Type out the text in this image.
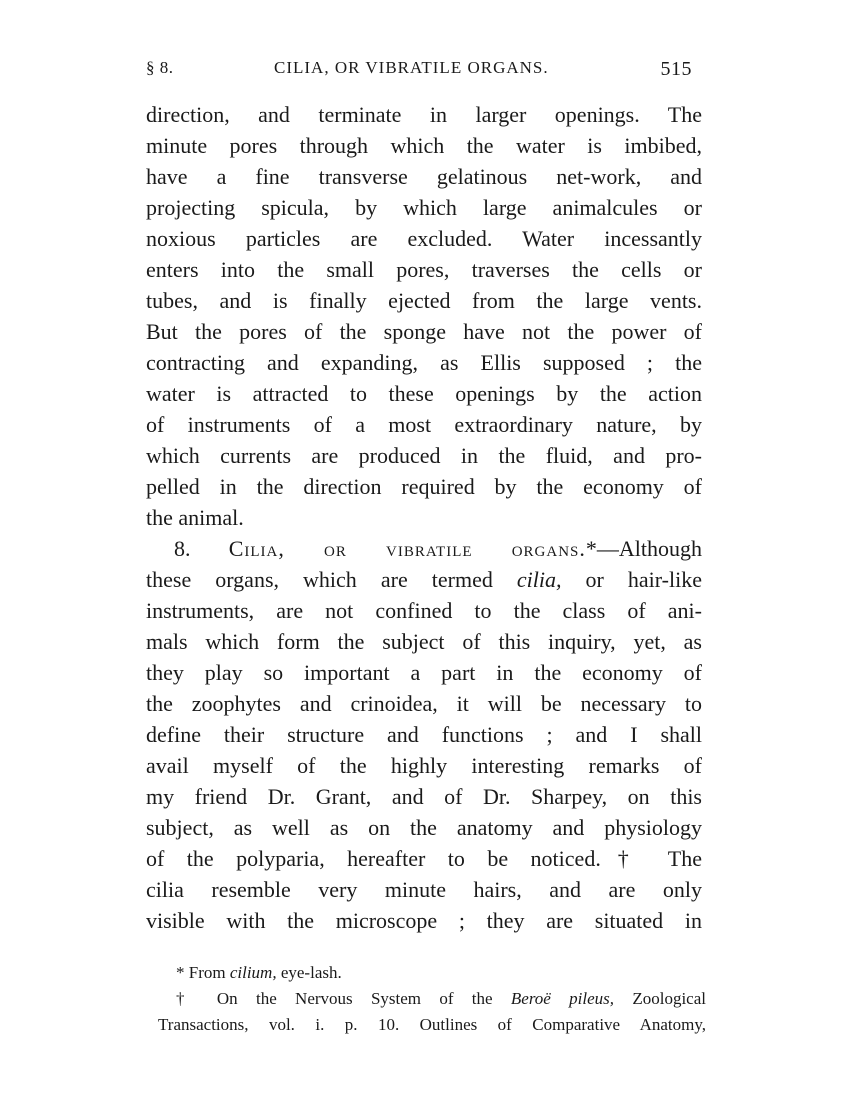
§ 8.	CILIA, OR VIBRATILE ORGANS.	515
direction, and terminate in larger openings. The
minute pores through which the water is imbibed,
have a fine transverse gelatinous net-work, and
projecting spicula, by which large animalcules or
noxious particles are excluded. Water incessantly
enters into the small pores, traverses the cells or
tubes, and is finally ejected from the large vents.
But the pores of the sponge have not the power of
contracting and expanding, as Ellis supposed ; the
water is attracted to these openings by the action
of instruments of a most extraordinary nature, by
which currents are produced in the fluid, and pro-
pelled in the direction required by the economy of
the animal.
8. Cilia, or vibratile organs.*—Although
these organs, which are termed cilia, or hair-like
instruments, are not confined to the class of ani-
mals which form the subject of this inquiry, yet, as
they play so important a part in the economy of
the zoophytes and crinoidea, it will be necessary to
define their structure and functions ; and I shall
avail myself of the highly interesting remarks of
my friend Dr. Grant, and of Dr. Sharpey, on this
subject, as well as on the anatomy and physiology
of the polyparia, hereafter to be noticed.† The
cilia resemble very minute hairs, and are only
visible with the microscope ; they are situated in
* From cilium, eye-lash.
† On the Nervous System of the Beroë pileus, Zoological
Transactions, vol. i. p. 10. Outlines of Comparative Anatomy,
